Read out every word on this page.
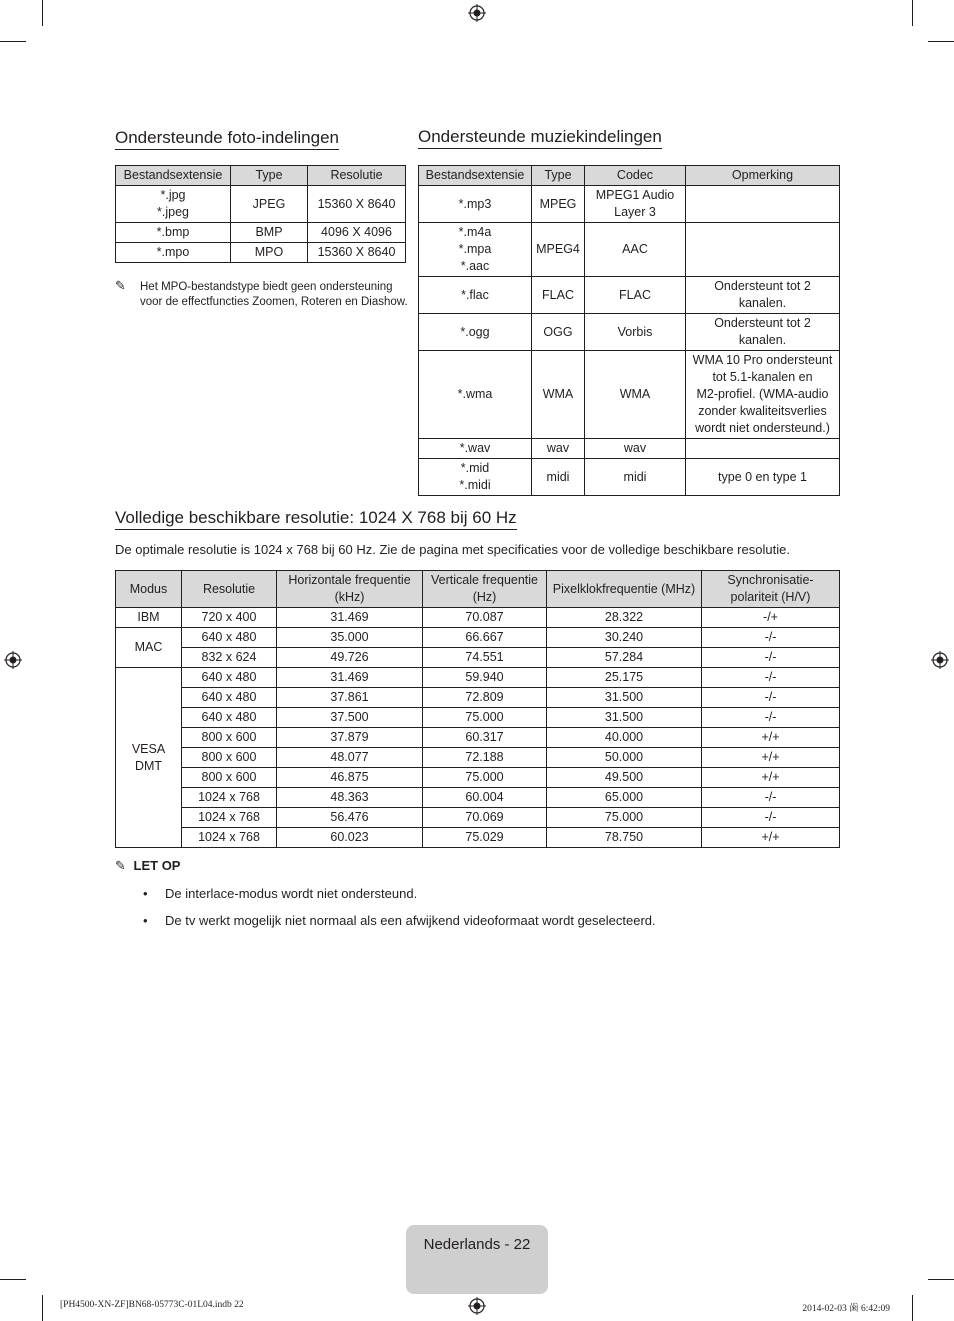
Ondersteunde foto-indelingen
Bestandsextensie	Type	Resolutie
*.jpg
*.jpeg	JPEG	15360 X 8640
*.bmp	BMP	4096 X 4096
*.mpo	MPO	15360 X 8640
✎ Het MPO-bestandstype biedt geen ondersteuning voor de effectfuncties Zoomen, Roteren en Diashow.
Ondersteunde muziekindelingen
Bestandsextensie	Type	Codec	Opmerking
*.mp3	MPEG	MPEG1 Audio
Layer 3	
*.m4a
*.mpa
*.aac	MPEG4	AAC	
*.flac	FLAC	FLAC	Ondersteunt tot 2 kanalen.
*.ogg	OGG	Vorbis	Ondersteunt tot 2 kanalen.
*.wma	WMA	WMA	WMA 10 Pro ondersteunt
tot 5.1-kanalen en
M2-profiel. (WMA-audio
zonder kwaliteitsverlies
wordt niet ondersteund.)
*.wav	wav	wav	
*.mid
*.midi	midi	midi	type 0 en type 1
Volledige beschikbare resolutie: 1024 X 768 bij 60 Hz
De optimale resolutie is 1024 x 768 bij 60 Hz. Zie de pagina met specificaties voor de volledige beschikbare resolutie.
Modus	Resolutie	Horizontale frequentie
(kHz)	Verticale frequentie
(Hz)	Pixelklokfrequentie (MHz)	Synchronisatie-
polariteit (H/V)
IBM	720 x 400	31.469	70.087	28.322	-/+
MAC	640 x 480	35.000	66.667	30.240	-/-
	832 x 624	49.726	74.551	57.284	-/-
VESA
DMT	640 x 480	31.469	59.940	25.175	-/-
	640 x 480	37.861	72.809	31.500	-/-
	640 x 480	37.500	75.000	31.500	-/-
	800 x 600	37.879	60.317	40.000	+/+
	800 x 600	48.077	72.188	50.000	+/+
	800 x 600	46.875	75.000	49.500	+/+
	1024 x 768	48.363	60.004	65.000	-/-
	1024 x 768	56.476	70.069	75.000	-/-
	1024 x 768	60.023	75.029	78.750	+/+
✎ LET OP
• De interlace-modus wordt niet ondersteund.
• De tv werkt mogelijk niet normaal als een afwijkend videoformaat wordt geselecteerd.
Nederlands - 22
[PH4500-XN-ZF]BN68-05773C-01L04.indb 22	2014-02-03 ⻭ 6:42:09
